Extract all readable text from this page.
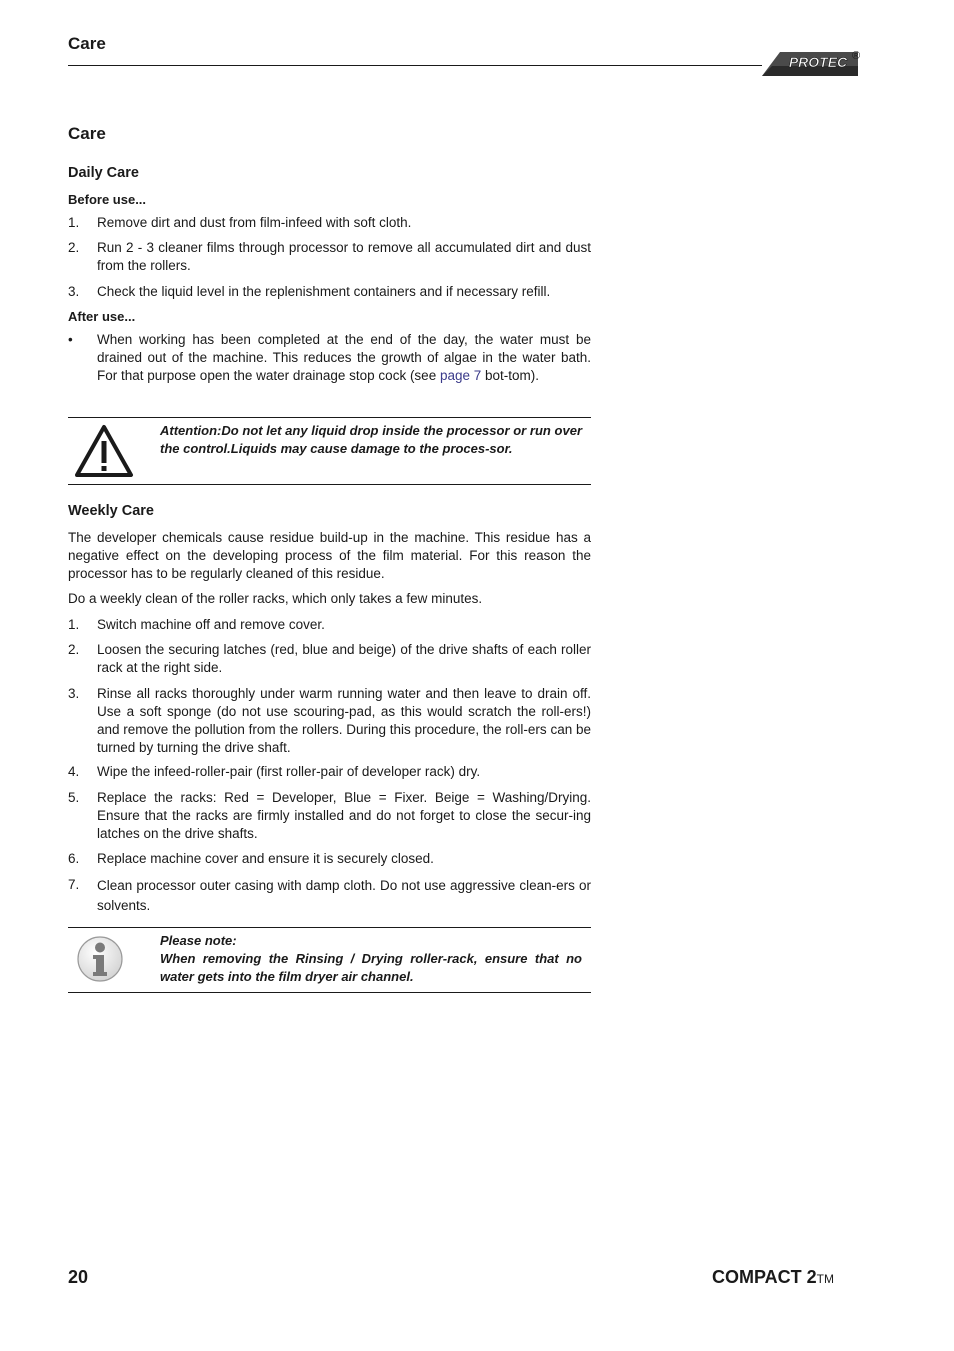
Care
PROTEC ®
Care
Daily Care
Before use...
1. Remove dirt and dust from film-infeed with soft cloth.
2. Run 2 - 3 cleaner films through processor to remove all accumulated dirt and dust from the rollers.
3. Check the liquid level in the replenishment containers and if necessary refill.
After use...
• When working has been completed at the end of the day, the water must be drained out of the machine. This reduces the growth of algae in the water bath. For that purpose open the water drainage stop cock (see page 7 bot-tom).
Attention:Do not let any liquid drop inside the processor or run over the control.Liquids may cause damage to the proces-sor.
Weekly Care
The developer chemicals cause residue build-up in the machine. This residue has a negative effect on the developing process of the film material. For this reason the processor has to be regularly cleaned of this residue.
Do a weekly clean of the roller racks, which only takes a few minutes.
1. Switch machine off and remove cover.
2. Loosen the securing latches (red, blue and beige) of the drive shafts of each roller rack at the right side.
3. Rinse all racks thoroughly under warm running water and then leave to drain off. Use a soft sponge (do not use scouring-pad, as this would scratch the roll-ers!) and remove the pollution from the rollers. During this procedure, the roll-ers can be turned by turning the drive shaft.
4. Wipe the infeed-roller-pair (first roller-pair of developer rack) dry.
5. Replace the racks: Red = Developer, Blue = Fixer. Beige = Washing/Drying. Ensure that the racks are firmly installed and do not forget to close the secur-ing latches on the drive shafts.
6. Replace machine cover and ensure it is securely closed.
7. Clean processor outer casing with damp cloth. Do not use aggressive clean-ers or solvents.
Please note:
When removing the Rinsing / Drying roller-rack, ensure that no water gets into the film dryer air channel.
20	COMPACT 2TM
